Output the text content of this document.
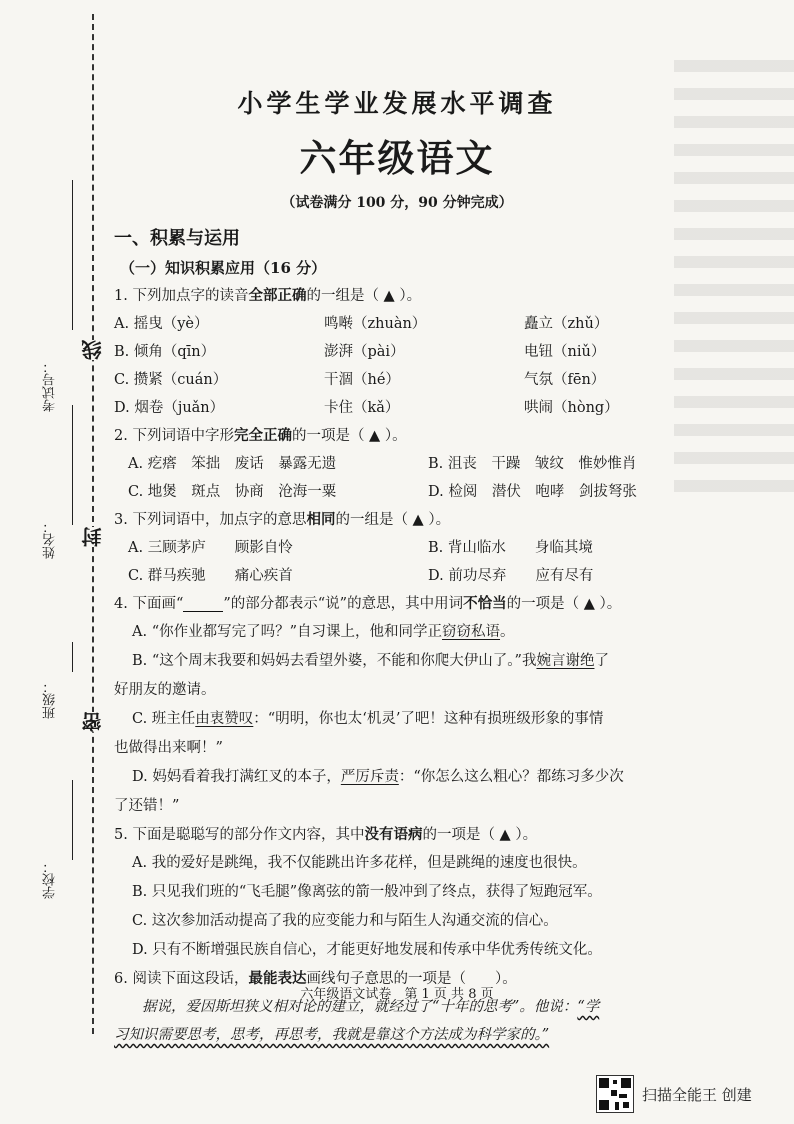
考试号：
姓名：
班级：
学校：
线
封
密
小学生学业发展水平调查
六年级语文
（试卷满分 100 分，90 分钟完成）
一、积累与运用
（一）知识积累应用（16 分）
1. 下列加点字的读音全部正确的一组是（ ▲ ）。
A. 摇曳（yè）	鸣啭（zhuàn）	矗立（zhǔ）
B. 倾角（qīn）	澎湃（pài）	电钮（niǔ）
C. 攒紧（cuán）	干涸（hé）	气氛（fēn）
D. 烟卷（juǎn）	卡住（kǎ）	哄闹（hòng）
2. 下列词语中字形完全正确的一项是（ ▲ ）。
A. 疙瘩　笨拙　废话　暴露无遗	B. 沮丧　干躁　皱纹　惟妙惟肖
C. 地煲　斑点　协商　沧海一粟	D. 检阅　潜伏　咆哮　剑拔弩张
3. 下列词语中，加点字的意思相同的一组是（ ▲ ）。
A. 三顾茅庐　　顾影自怜	B. 背山临水　　身临其境
C. 群马疾驰　　痛心疾首	D. 前功尽弃　　应有尽有
4. 下面画“	”的部分都表示“说”的意思，其中用词不恰当的一项是（ ▲ ）。
A. “你作业都写完了吗？”自习课上，他和同学正窃窃私语。
B. “这个周末我要和妈妈去看望外婆，不能和你爬大伊山了。”我婉言谢绝了
好朋友的邀请。
C. 班主任由衷赞叹：“明明，你也太‘机灵’了吧！这种有损班级形象的事情
也做得出来啊！”
D. 妈妈看着我打满红叉的本子，严厉斥责：“你怎么这么粗心？都练习多少次
了还错！”
5. 下面是聪聪写的部分作文内容，其中没有语病的一项是（ ▲ ）。
A. 我的爱好是跳绳，我不仅能跳出许多花样，但是跳绳的速度也很快。
B. 只见我们班的“飞毛腿”像离弦的箭一般冲到了终点，获得了短跑冠军。
C. 这次参加活动提高了我的应变能力和与陌生人沟通交流的信心。
D. 只有不断增强民族自信心，才能更好地发展和传承中华优秀传统文化。
6. 阅读下面这段话，最能表达画线句子意思的一项是（　　）。
据说，爱因斯坦狭义相对论的建立，就经过了“十年的思考”。他说：“学
习知识需要思考，思考，再思考，我就是靠这个方法成为科学家的。”
六年级语文试卷　第 1 页 共 8 页
扫描全能王 创建
